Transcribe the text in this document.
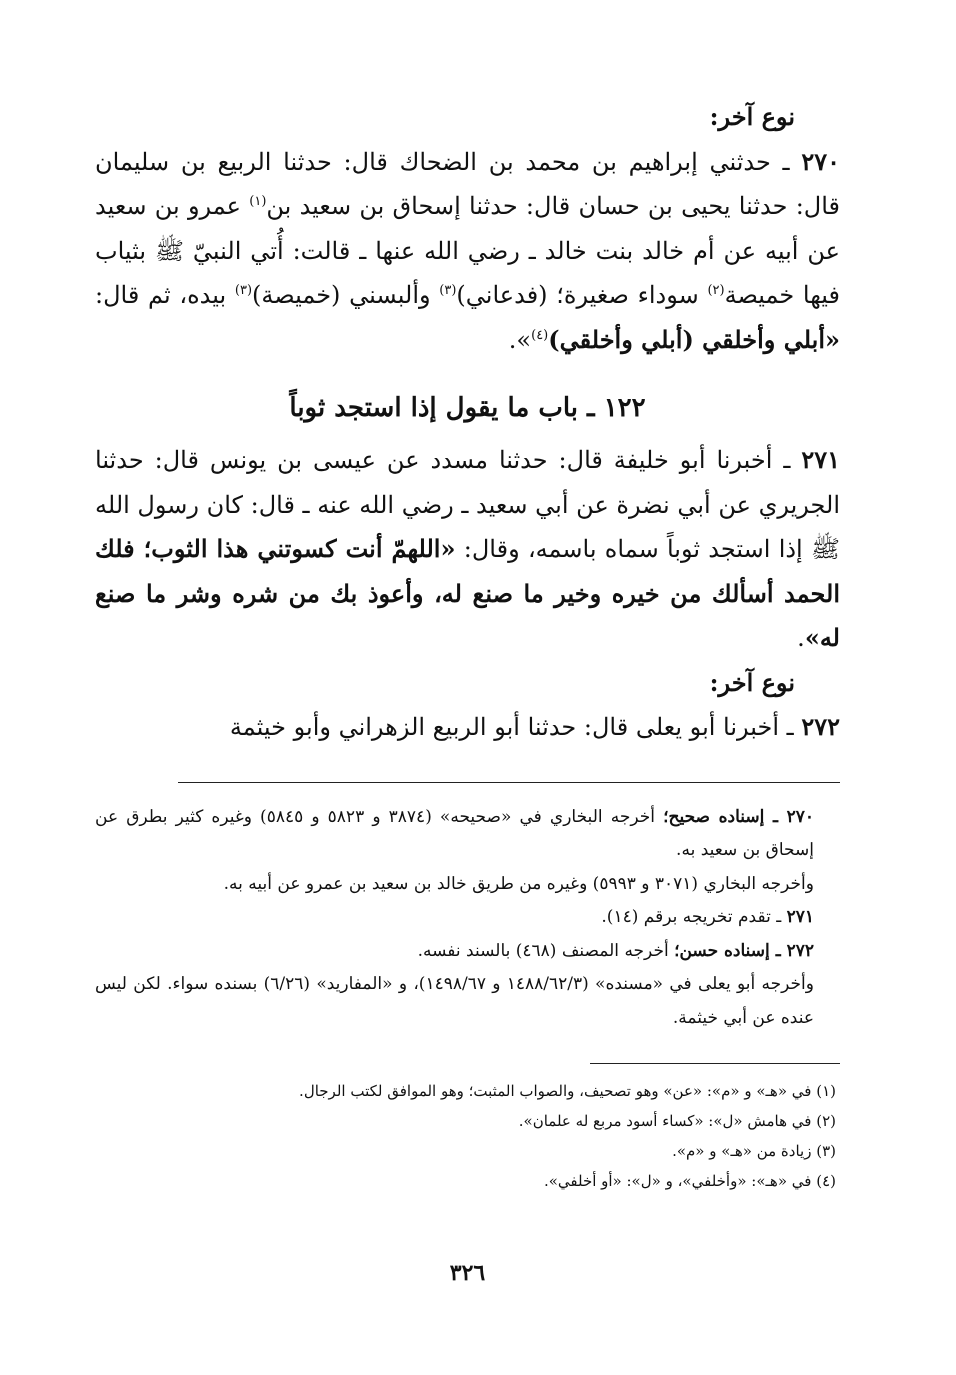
نوع آخر:

٢٧٠ ـ حدثني إبراهيم بن محمد بن الضحاك قال: حدثنا الربيع بن سليمان قال: حدثنا يحيى بن حسان قال: حدثنا إسحاق بن سعيد بن$^{(١)}$ عمرو بن سعيد عن أبيه عن أم خالد بنت خالد ـ رضي الله عنها ـ قالت: أُتي النبيّ ﷺ بثياب فيها خميصة$^{(٢)}$ سوداء صغيرة؛ (فدعاني)$^{(٣)}$ وألبسني (خميصة)$^{(٣)}$ بيده، ثم قال: «أبلي وأخلقي (أبلي وأخلقي)$^{(٤)}$».

١٢٢ ـ باب ما يقول إذا استجد ثوباً

٢٧١ ـ أخبرنا أبو خليفة قال: حدثنا مسدد عن عيسى بن يونس قال: حدثنا الجريري عن أبي نضرة عن أبي سعيد ـ رضي الله عنه ـ قال: كان رسول الله ﷺ إذا استجد ثوباً سماه باسمه، وقال: «اللهمّ أنت كسوتني هذا الثوب؛ فلك الحمد أسألك من خيره وخير ما صنع له، وأعوذ بك من شره وشر ما صنع له».

نوع آخر:

٢٧٢ ـ أخبرنا أبو يعلى قال: حدثنا أبو الربيع الزهراني وأبو خيثمة

٢٧٠ ـ إسناده صحيح؛ أخرجه البخاري في «صحيحه» (٣٨٧٤ و ٥٨٢٣ و ٥٨٤٥) وغيره كثير بطرق عن إسحاق بن سعيد به.

وأخرجه البخاري (٣٠٧١ و ٥٩٩٣) وغيره من طريق خالد بن سعيد بن عمرو عن أبيه به.

٢٧١ ـ تقدم تخريجه برقم (١٤).

٢٧٢ ـ إسناده حسن؛ أخرجه المصنف (٤٦٨) بالسند نفسه.

وأخرجه أبو يعلى في «مسنده» (١٤٨٨/٦٢/٣ و ١٤٩٨/٦٧)، و «المفاريد» (٦/٢٦) بسنده سواء. لكن ليس عنده عن أبي خيثمة.

(١) في «هـ» و «م»: «عن» وهو تصحيف، والصواب المثبت؛ وهو الموافق لكتب الرجال.

(٢) في هامش «ل»: «كساء أسود مربع له علمان».

(٣) زيادة من «هـ» و «م».

(٤) في «هـ»: «وأخلفي»، و «ل»: «أو أخلفي».

٣٢٦
